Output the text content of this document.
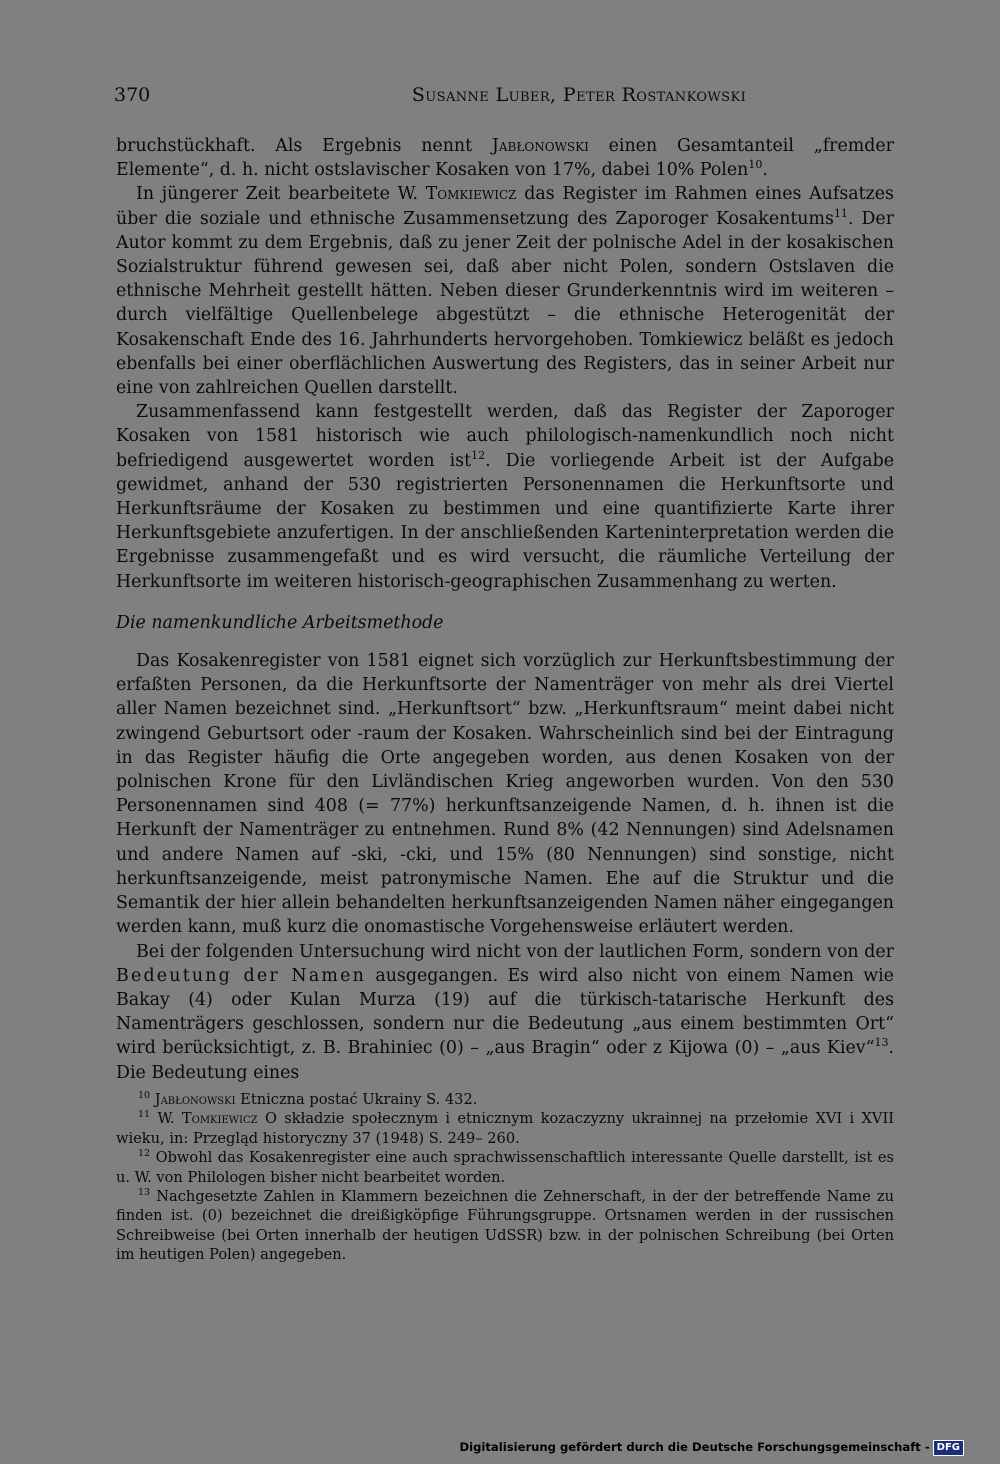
370	Susanne Luber, Peter Rostankowski

bruchstückhaft. Als Ergebnis nennt Jabłonowski einen Gesamtanteil „fremder Elemente“, d. h. nicht ostslavischer Kosaken von 17%, dabei 10% Polen$^{10}$.

In jüngerer Zeit bearbeitete W. Tomkiewicz das Register im Rahmen eines Aufsatzes über die soziale und ethnische Zusammensetzung des Zaporoger Kosakentums$^{11}$. Der Autor kommt zu dem Ergebnis, daß zu jener Zeit der polnische Adel in der kosakischen Sozialstruktur führend gewesen sei, daß aber nicht Polen, sondern Ostslaven die ethnische Mehrheit gestellt hätten. Neben dieser Grunderkenntnis wird im weiteren – durch vielfältige Quellenbelege abgestützt – die ethnische Heterogenität der Kosakenschaft Ende des 16. Jahrhunderts hervorgehoben. Tomkiewicz beläßt es jedoch ebenfalls bei einer oberflächlichen Auswertung des Registers, das in seiner Arbeit nur eine von zahlreichen Quellen darstellt.

Zusammenfassend kann festgestellt werden, daß das Register der Zaporoger Kosaken von 1581 historisch wie auch philologisch-namenkundlich noch nicht befriedigend ausgewertet worden ist$^{12}$. Die vorliegende Arbeit ist der Aufgabe gewidmet, anhand der 530 registrierten Personennamen die Herkunftsorte und Herkunftsräume der Kosaken zu bestimmen und eine quantifizierte Karte ihrer Herkunftsgebiete anzufertigen. In der anschließenden Karteninterpretation werden die Ergebnisse zusammengefaßt und es wird versucht, die räumliche Verteilung der Herkunftsorte im weiteren historisch-geographischen Zusammenhang zu werten.

Die namenkundliche Arbeitsmethode

Das Kosakenregister von 1581 eignet sich vorzüglich zur Herkunftsbestimmung der erfaßten Personen, da die Herkunftsorte der Namenträger von mehr als drei Viertel aller Namen bezeichnet sind. „Herkunftsort“ bzw. „Herkunftsraum“ meint dabei nicht zwingend Geburtsort oder -raum der Kosaken. Wahrscheinlich sind bei der Eintragung in das Register häufig die Orte angegeben worden, aus denen Kosaken von der polnischen Krone für den Livländischen Krieg angeworben wurden. Von den 530 Personennamen sind 408 (= 77%) herkunftsanzeigende Namen, d. h. ihnen ist die Herkunft der Namenträger zu entnehmen. Rund 8% (42 Nennungen) sind Adelsnamen und andere Namen auf -ski, -cki, und 15% (80 Nennungen) sind sonstige, nicht herkunftsanzeigende, meist patronymische Namen. Ehe auf die Struktur und die Semantik der hier allein behandelten herkunftsanzeigenden Namen näher eingegangen werden kann, muß kurz die onomastische Vorgehensweise erläutert werden.

Bei der folgenden Untersuchung wird nicht von der lautlichen Form, sondern von der Bedeutung der Namen ausgegangen. Es wird also nicht von einem Namen wie Bakay (4) oder Kulan Murza (19) auf die türkisch-tatarische Herkunft des Namenträgers geschlossen, sondern nur die Bedeutung „aus einem bestimmten Ort“ wird berücksichtigt, z. B. Brahiniec (0) – „aus Bragin“ oder z Kijowa (0) – „aus Kiev“$^{13}$. Die Bedeutung eines

$^{10}$ Jabłonowski Etniczna postać Ukrainy S. 432.

$^{11}$ W. Tomkiewicz O składzie społecznym i etnicznym kozaczyzny ukrainnej na przełomie XVI i XVII wieku, in: Przegląd historyczny 37 (1948) S. 249– 260.

$^{12}$ Obwohl das Kosakenregister eine auch sprachwissenschaftlich interessante Quelle darstellt, ist es u. W. von Philologen bisher nicht bearbeitet worden.

$^{13}$ Nachgesetzte Zahlen in Klammern bezeichnen die Zehnerschaft, in der der betreffende Name zu finden ist. (0) bezeichnet die dreißigköpfige Führungsgruppe. Ortsnamen werden in der russischen Schreibweise (bei Orten innerhalb der heutigen UdSSR) bzw. in der polnischen Schreibung (bei Orten im heutigen Polen) angegeben.

Digitalisierung gefördert durch die Deutsche Forschungsgemeinschaft - DFG
